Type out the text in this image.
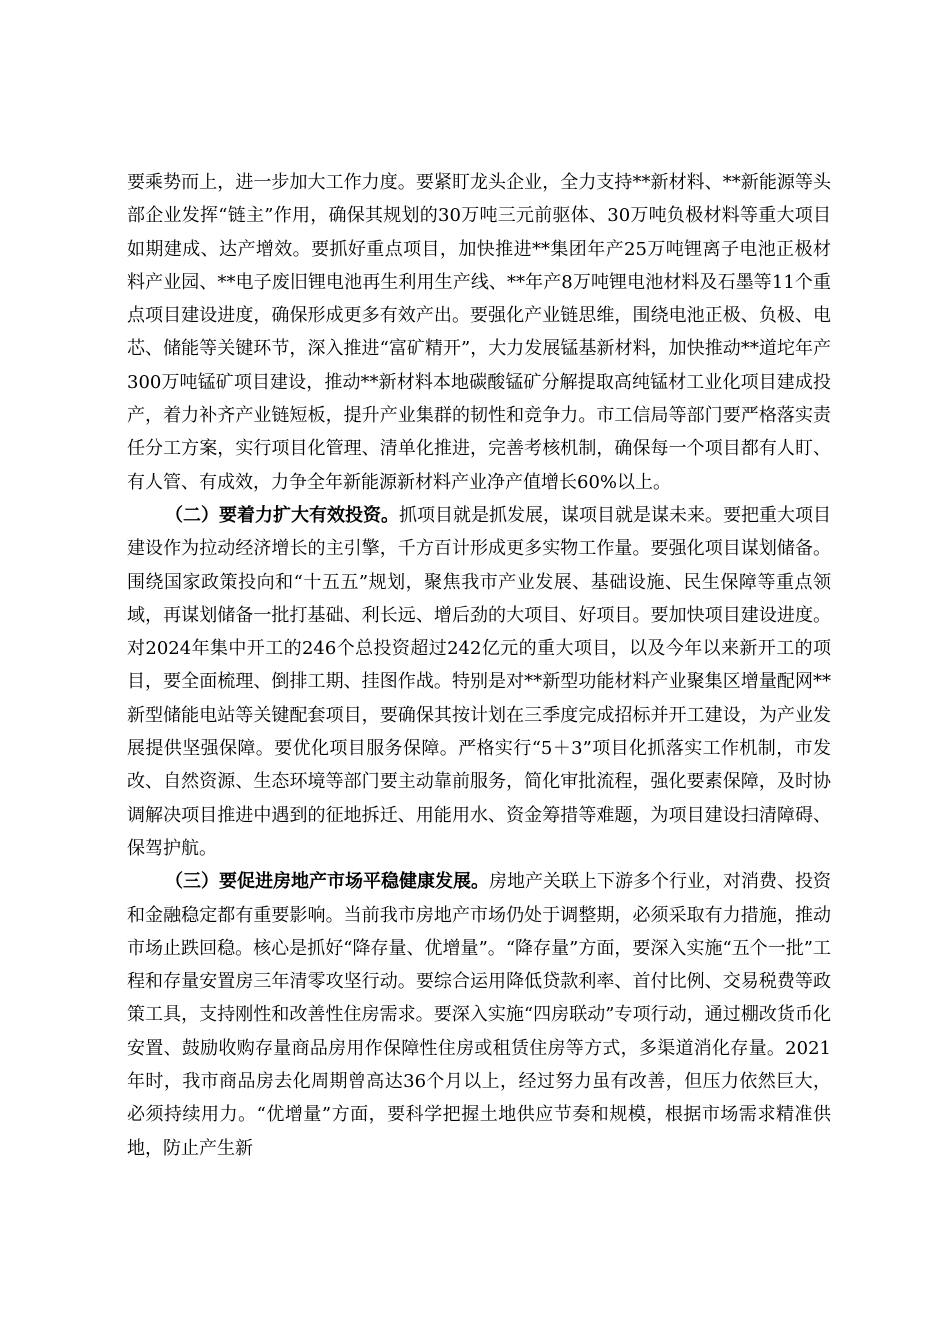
要乘势而上，进一步加大工作力度。要紧盯龙头企业，全力支持**新材料、**新能源等头部企业发挥“链主”作用，确保其规划的30万吨三元前驱体、30万吨负极材料等重大项目如期建成、达产增效。要抓好重点项目，加快推进**集团年产25万吨锂离子电池正极材料产业园、**电子废旧锂电池再生利用生产线、**年产8万吨锂电池材料及石墨等11个重点项目建设进度，确保形成更多有效产出。要强化产业链思维，围绕电池正极、负极、电芯、储能等关键环节，深入推进“富矿精开”，大力发展锰基新材料，加快推动**道坨年产300万吨锰矿项目建设，推动**新材料本地碳酸锰矿分解提取高纯锰材工业化项目建成投产，着力补齐产业链短板，提升产业集群的韧性和竞争力。市工信局等部门要严格落实责任分工方案，实行项目化管理、清单化推进，完善考核机制，确保每一个项目都有人盯、有人管、有成效，力争全年新能源新材料产业净产值增长60%以上。

（二）要着力扩大有效投资。抓项目就是抓发展，谋项目就是谋未来。要把重大项目建设作为拉动经济增长的主引擎，千方百计形成更多实物工作量。要强化项目谋划储备。围绕国家政策投向和“十五五”规划，聚焦我市产业发展、基础设施、民生保障等重点领域，再谋划储备一批打基础、利长远、增后劲的大项目、好项目。要加快项目建设进度。对2024年集中开工的246个总投资超过242亿元的重大项目，以及今年以来新开工的项目，要全面梳理、倒排工期、挂图作战。特别是对**新型功能材料产业聚集区增量配网**新型储能电站等关键配套项目，要确保其按计划在三季度完成招标并开工建设，为产业发展提供坚强保障。要优化项目服务保障。严格实行“5＋3”项目化抓落实工作机制，市发改、自然资源、生态环境等部门要主动靠前服务，简化审批流程，强化要素保障，及时协调解决项目推进中遇到的征地拆迁、用能用水、资金筹措等难题，为项目建设扫清障碍、保驾护航。

（三）要促进房地产市场平稳健康发展。房地产关联上下游多个行业，对消费、投资和金融稳定都有重要影响。当前我市房地产市场仍处于调整期，必须采取有力措施，推动市场止跌回稳。核心是抓好“降存量、优增量”。“降存量”方面，要深入实施“五个一批”工程和存量安置房三年清零攻坚行动。要综合运用降低贷款利率、首付比例、交易税费等政策工具，支持刚性和改善性住房需求。要深入实施“四房联动”专项行动，通过棚改货币化安置、鼓励收购存量商品房用作保障性住房或租赁住房等方式，多渠道消化存量。2021年时，我市商品房去化周期曾高达36个月以上，经过努力虽有改善，但压力依然巨大，必须持续用力。“优增量”方面，要科学把握土地供应节奏和规模，根据市场需求精准供地，防止产生新
